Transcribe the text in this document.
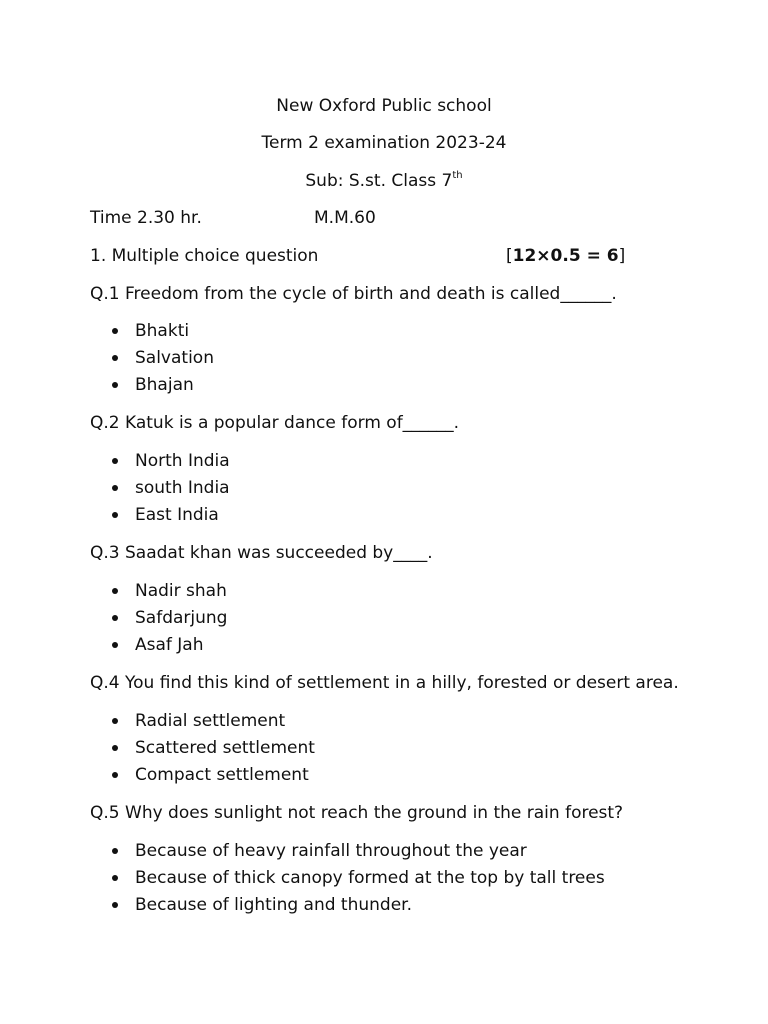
New Oxford Public school
Term 2 examination 2023-24
Sub: S.st. Class 7th
Time 2.30 hr.	M.M.60
1. Multiple choice question	[12×0.5 = 6]
Q.1 Freedom from the cycle of birth and death is called______.
Bhakti
Salvation
Bhajan
Q.2 Katuk is a popular dance form of______.
North India
south India
East India
Q.3 Saadat khan was succeeded by____.
Nadir shah
Safdarjung
Asaf Jah
Q.4 You find this kind of settlement in a hilly, forested or desert area.
Radial settlement
Scattered settlement
Compact settlement
Q.5 Why does sunlight not reach the ground in the rain forest?
Because of heavy rainfall throughout the year
Because of thick canopy formed at the top by tall trees
Because of lighting and thunder.
